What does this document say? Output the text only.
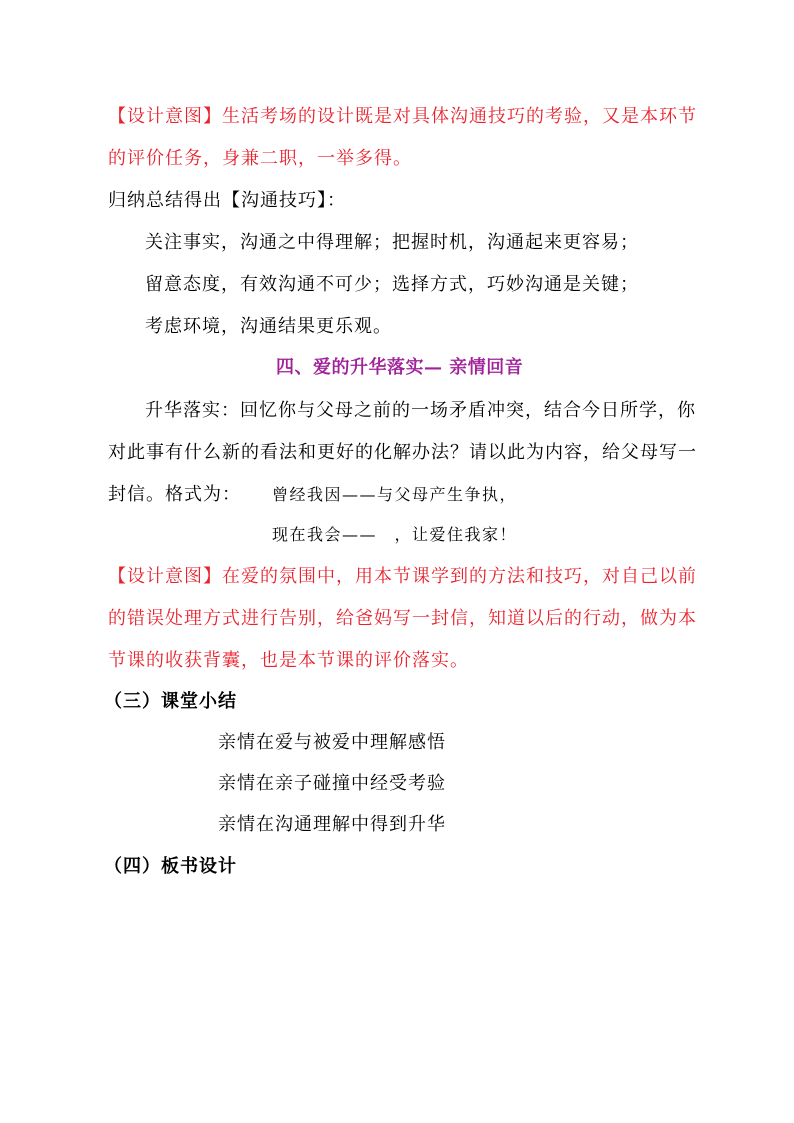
【设计意图】生活考场的设计既是对具体沟通技巧的考验，又是本环节
的评价任务，身兼二职，一举多得。
归纳总结得出【沟通技巧】：
关注事实，沟通之中得理解；把握时机，沟通起来更容易；
留意态度，有效沟通不可少；选择方式，巧妙沟通是关键；
考虑环境，沟通结果更乐观。
四、爱的升华落实— 亲情回音
升华落实：回忆你与父母之前的一场矛盾冲突，结合今日所学，你
对此事有什么新的看法和更好的化解办法？请以此为内容，给父母写一
封信。格式为： 曾经我因——与父母产生争执，
现在我会——　，让爱住我家！
【设计意图】在爱的氛围中，用本节课学到的方法和技巧，对自己以前
的错误处理方式进行告别，给爸妈写一封信，知道以后的行动，做为本
节课的收获背囊，也是本节课的评价落实。
（三）课堂小结
亲情在爱与被爱中理解感悟
亲情在亲子碰撞中经受考验
亲情在沟通理解中得到升华
（四）板书设计
